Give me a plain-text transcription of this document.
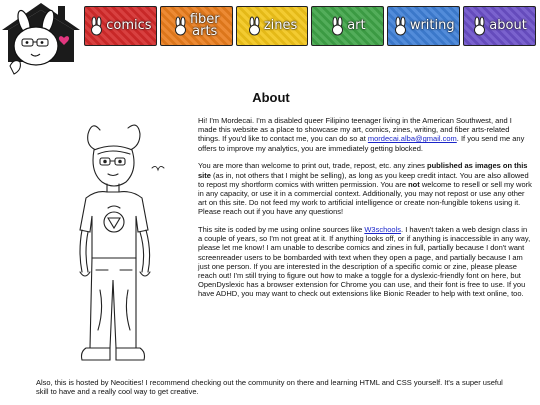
comics	fiber
arts	zines	art	writing	about
About

Hi! I'm Mordecai. I'm a disabled queer Filipino teenager living in the American Southwest, and I made this website as a place to showcase my art, comics, zines, writing, and fiber arts-related things. If you'd like to contact me, you can do so at mordecai.alba@gmail.com. If you send me any offers to improve my analytics, you are immediately getting blocked.

You are more than welcome to print out, trade, repost, etc. any zines published as images on this site (as in, not others that I might be selling), as long as you keep credit intact. You are also allowed to repost my shortform comics with written permission. You are not welcome to resell or sell my work in any capacity, or use it in a commercial context. Additionally, you may not repost or use any other art on this site. Do not feed my work to artificial intelligence or create non-fungible tokens using it. Please reach out if you have any questions!

This site is coded by me using online sources like W3schools. I haven't taken a web design class in a couple of years, so I'm not great at it. If anything looks off, or if anything is inaccessible in any way, please let me know! I am unable to describe comics and zines in full, partially because I don't want screenreader users to be bombarded with text when they open a page, and partially because I am just one person. If you are interested in the description of a specific comic or zine, please please reach out! I'm still trying to figure out how to make a toggle for a dyslexic-friendly font on here, but OpenDyslexic has a browser extension for Chrome you can use, and their font is free to use. If you have ADHD, you may want to check out extensions like Bionic Reader to help with text online, too.

Also, this is hosted by Neocities! I recommend checking out the community on there and learning HTML and CSS yourself. It's a super useful skill to have and a really cool way to get creative.
